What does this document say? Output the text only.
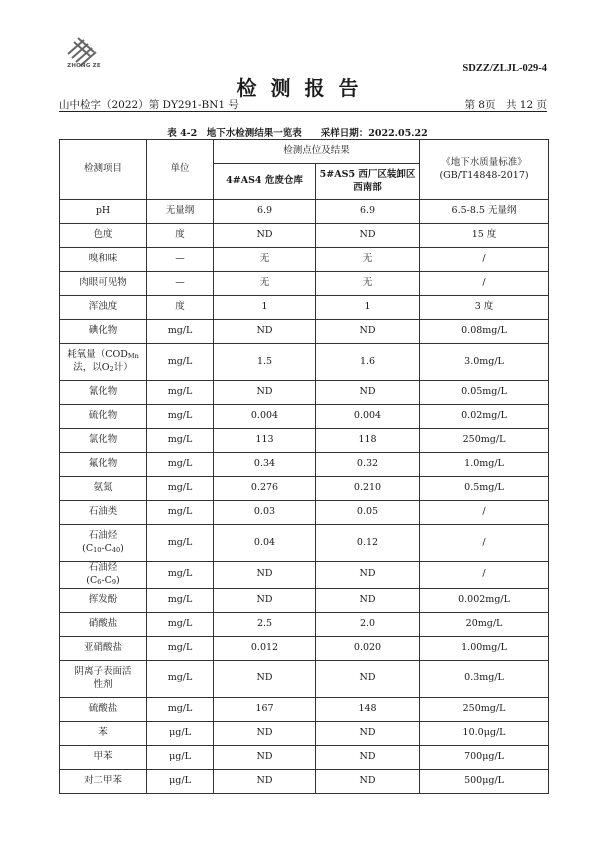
ZHONG ZE	SDZZ/ZLJL-029-4
检测报告
山中检字（2022）第 DY291-BN1 号	第 8页　共 12 页
表 4-2　地下水检测结果一览表　　采样日期：2022.05.22
检测项目	单位	检测点位及结果		《地下水质量标准》(GB/T14848-2017)
		4#AS4 危废仓库	5#AS5 西厂区装卸区西南部	
pH	无量纲	6.9	6.9	6.5-8.5 无量纲
色度	度	ND	ND	15 度
嗅和味	—	无	无	/
肉眼可见物	—	无	无	/
浑浊度	度	1	1	3 度
碘化物	mg/L	ND	ND	0.08mg/L
耗氧量（$COD_{Mn}$
法，以$O_2$计）	mg/L	1.5	1.6	3.0mg/L
氰化物	mg/L	ND	ND	0.05mg/L
硫化物	mg/L	0.004	0.004	0.02mg/L
氯化物	mg/L	113	118	250mg/L
氟化物	mg/L	0.34	0.32	1.0mg/L
氨氮	mg/L	0.276	0.210	0.5mg/L
石油类	mg/L	0.03	0.05	/
石油烃
$(C_{10}-C_{40})$	mg/L	0.04	0.12	/
石油烃
$(C_6-C_9)$	mg/L	ND	ND	/
挥发酚	mg/L	ND	ND	0.002mg/L
硝酸盐	mg/L	2.5	2.0	20mg/L
亚硝酸盐	mg/L	0.012	0.020	1.00mg/L
阴离子表面活
性剂	mg/L	ND	ND	0.3mg/L
硫酸盐	mg/L	167	148	250mg/L
苯	μg/L	ND	ND	10.0μg/L
甲苯	μg/L	ND	ND	700μg/L
对二甲苯	μg/L	ND	ND	500μg/L
